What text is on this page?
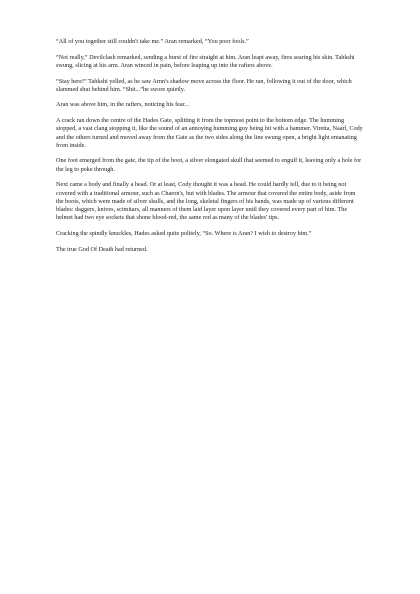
“All of you together still couldn't take me.” Aran remarked, “You poor fools.”

“Not really,” Devilclash remarked, sending a burst of fire straight at him. Aran leapt away, fires searing his skin. Tahkshi swung, slicing at his arm. Aran winced in pain, before leaping up into the rafters above.

“Stay here!” Tahkshi yelled, as he saw Arnn's shadow move across the floor. He ran, following it out of the door, which slammed shut behind him. “Shit...”he swore quietly.

Aran was above him, in the rafters, noticing his fear...

A crack ran down the centre of the Hades Gate, splitting it from the topmost point to the bottom edge. The humming stopped, a vast clang stopping it, like the sound of an annoying humming guy being hit with a hammer. Viretta, Naarl, Cody and the others turned and moved away from the Gate as the two sides along the line swung open, a bright light emanating from inside.

One foot emerged from the gate, the tip of the boot, a silver elongated skull that seemed to engulf it, leaving only a hole for the leg to poke through.

Next came a body and finally a head. Or at least, Cody thought it was a head. He could hardly tell, due to it being not covered with a traditional armour, such as Charon's, but with blades. The armour that covered the entire body, aside from the boots, which were made of silver skulls, and the long, skeletal fingers of his hands, was made up of various different blades: daggers, knives, scimitars, all manners of them laid layer upon layer until they covered every part of him. The helmet had two eye sockets that shone blood-red, the same red as many of the blades' tips.

Cracking the spindly knuckles, Hades asked quite politely, “So. Where is Aran? I wish to destroy him.”

The true God Of Death had returned.
